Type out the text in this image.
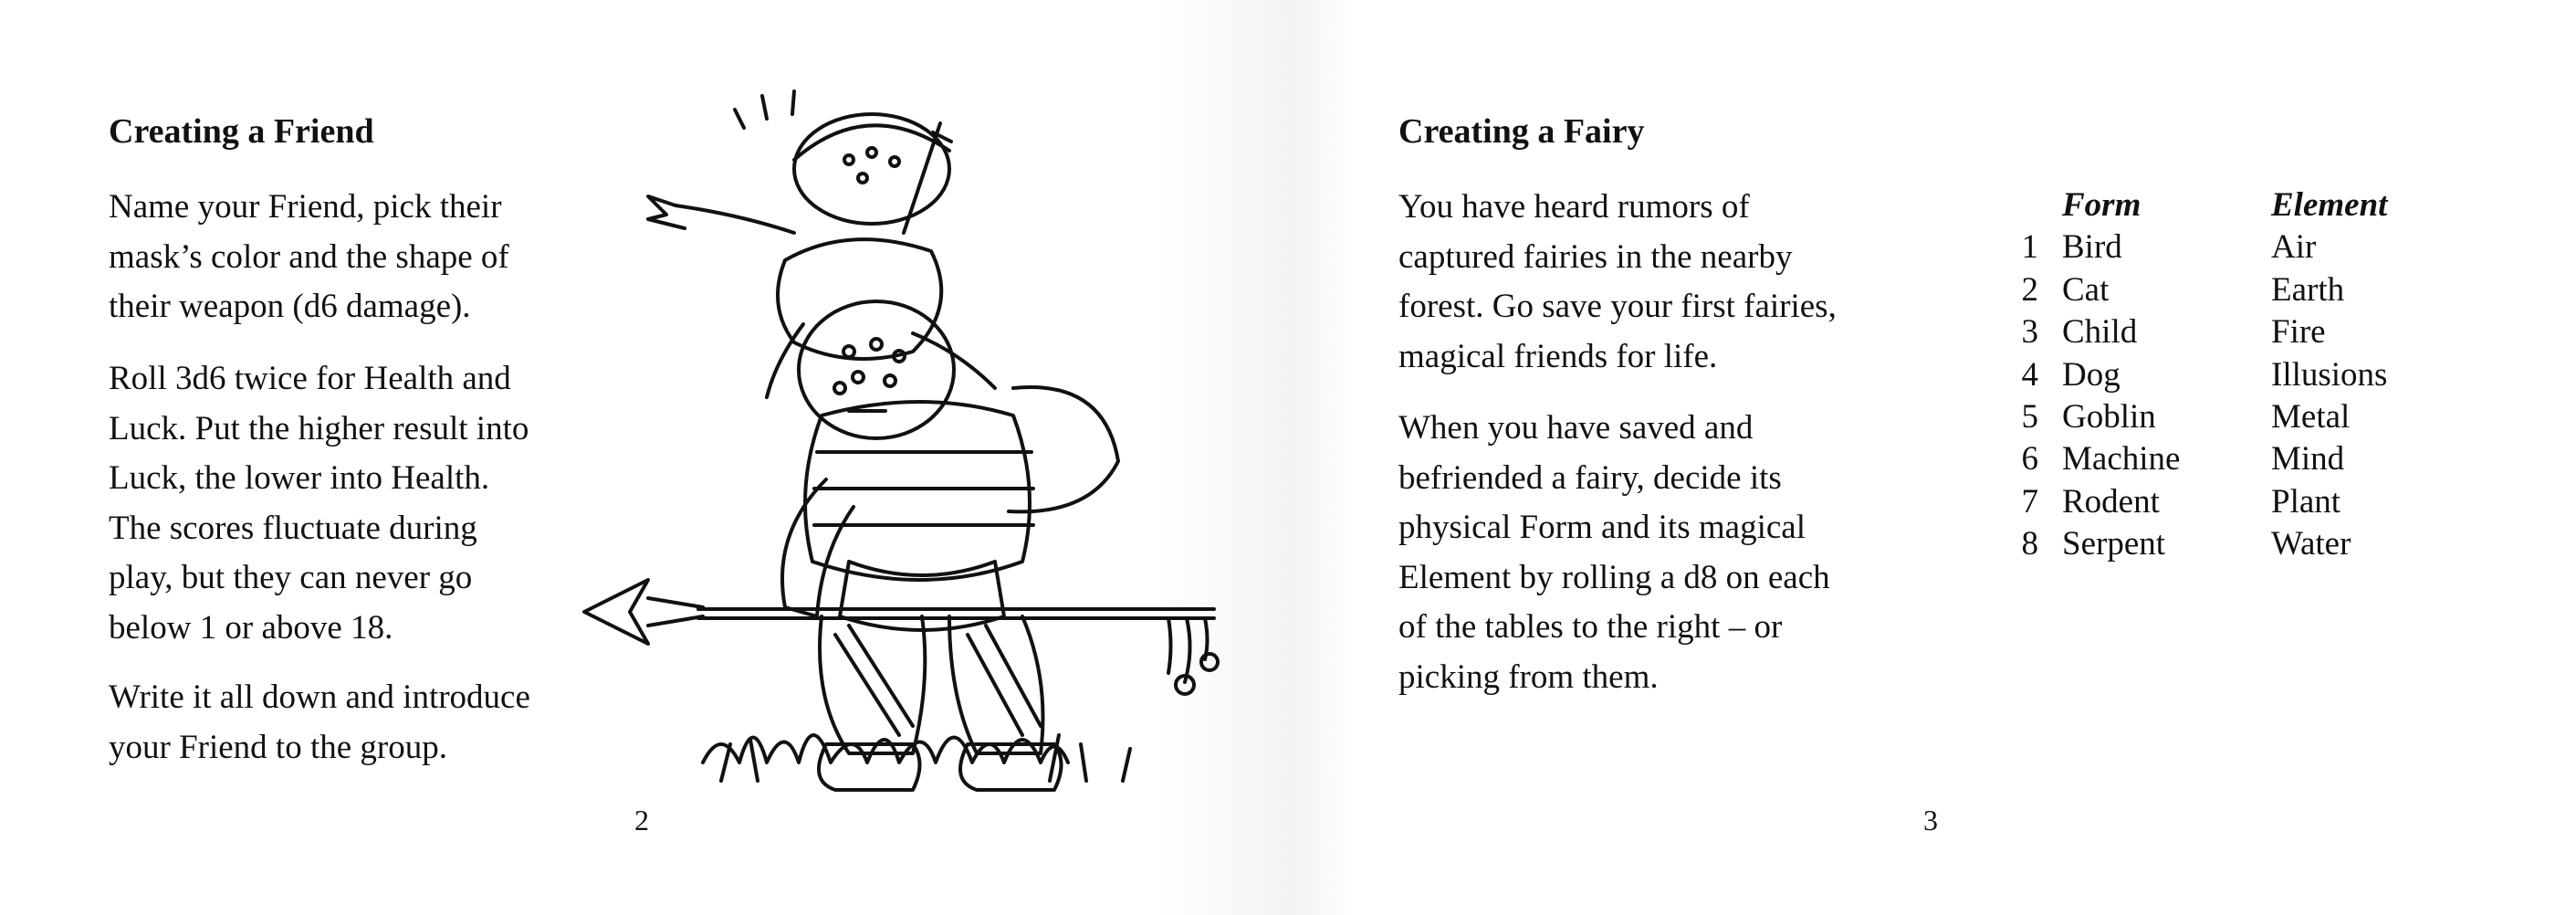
Creating a Friend

Name your Friend, pick their
mask’s color and the shape of
their weapon (d6 damage).

Roll 3d6 twice for Health and
Luck. Put the higher result into
Luck, the lower into Health.
The scores fluctuate during
play, but they can never go
below 1 or above 18.

Write it all down and introduce
your Friend to the group.

2
Creating a Fairy

You have heard rumors of
captured fairies in the nearby
forest. Go save your first fairies,
magical friends for life.

When you have saved and
befriended a fairy, decide its
physical Form and its magical
Element by rolling a d8 on each
of the tables to the right – or
picking from them.

Form	Element
1 Bird	Air
2 Cat	Earth
3 Child	Fire
4 Dog	Illusions
5 Goblin	Metal
6 Machine	Mind
7 Rodent	Plant
8 Serpent	Water
3
